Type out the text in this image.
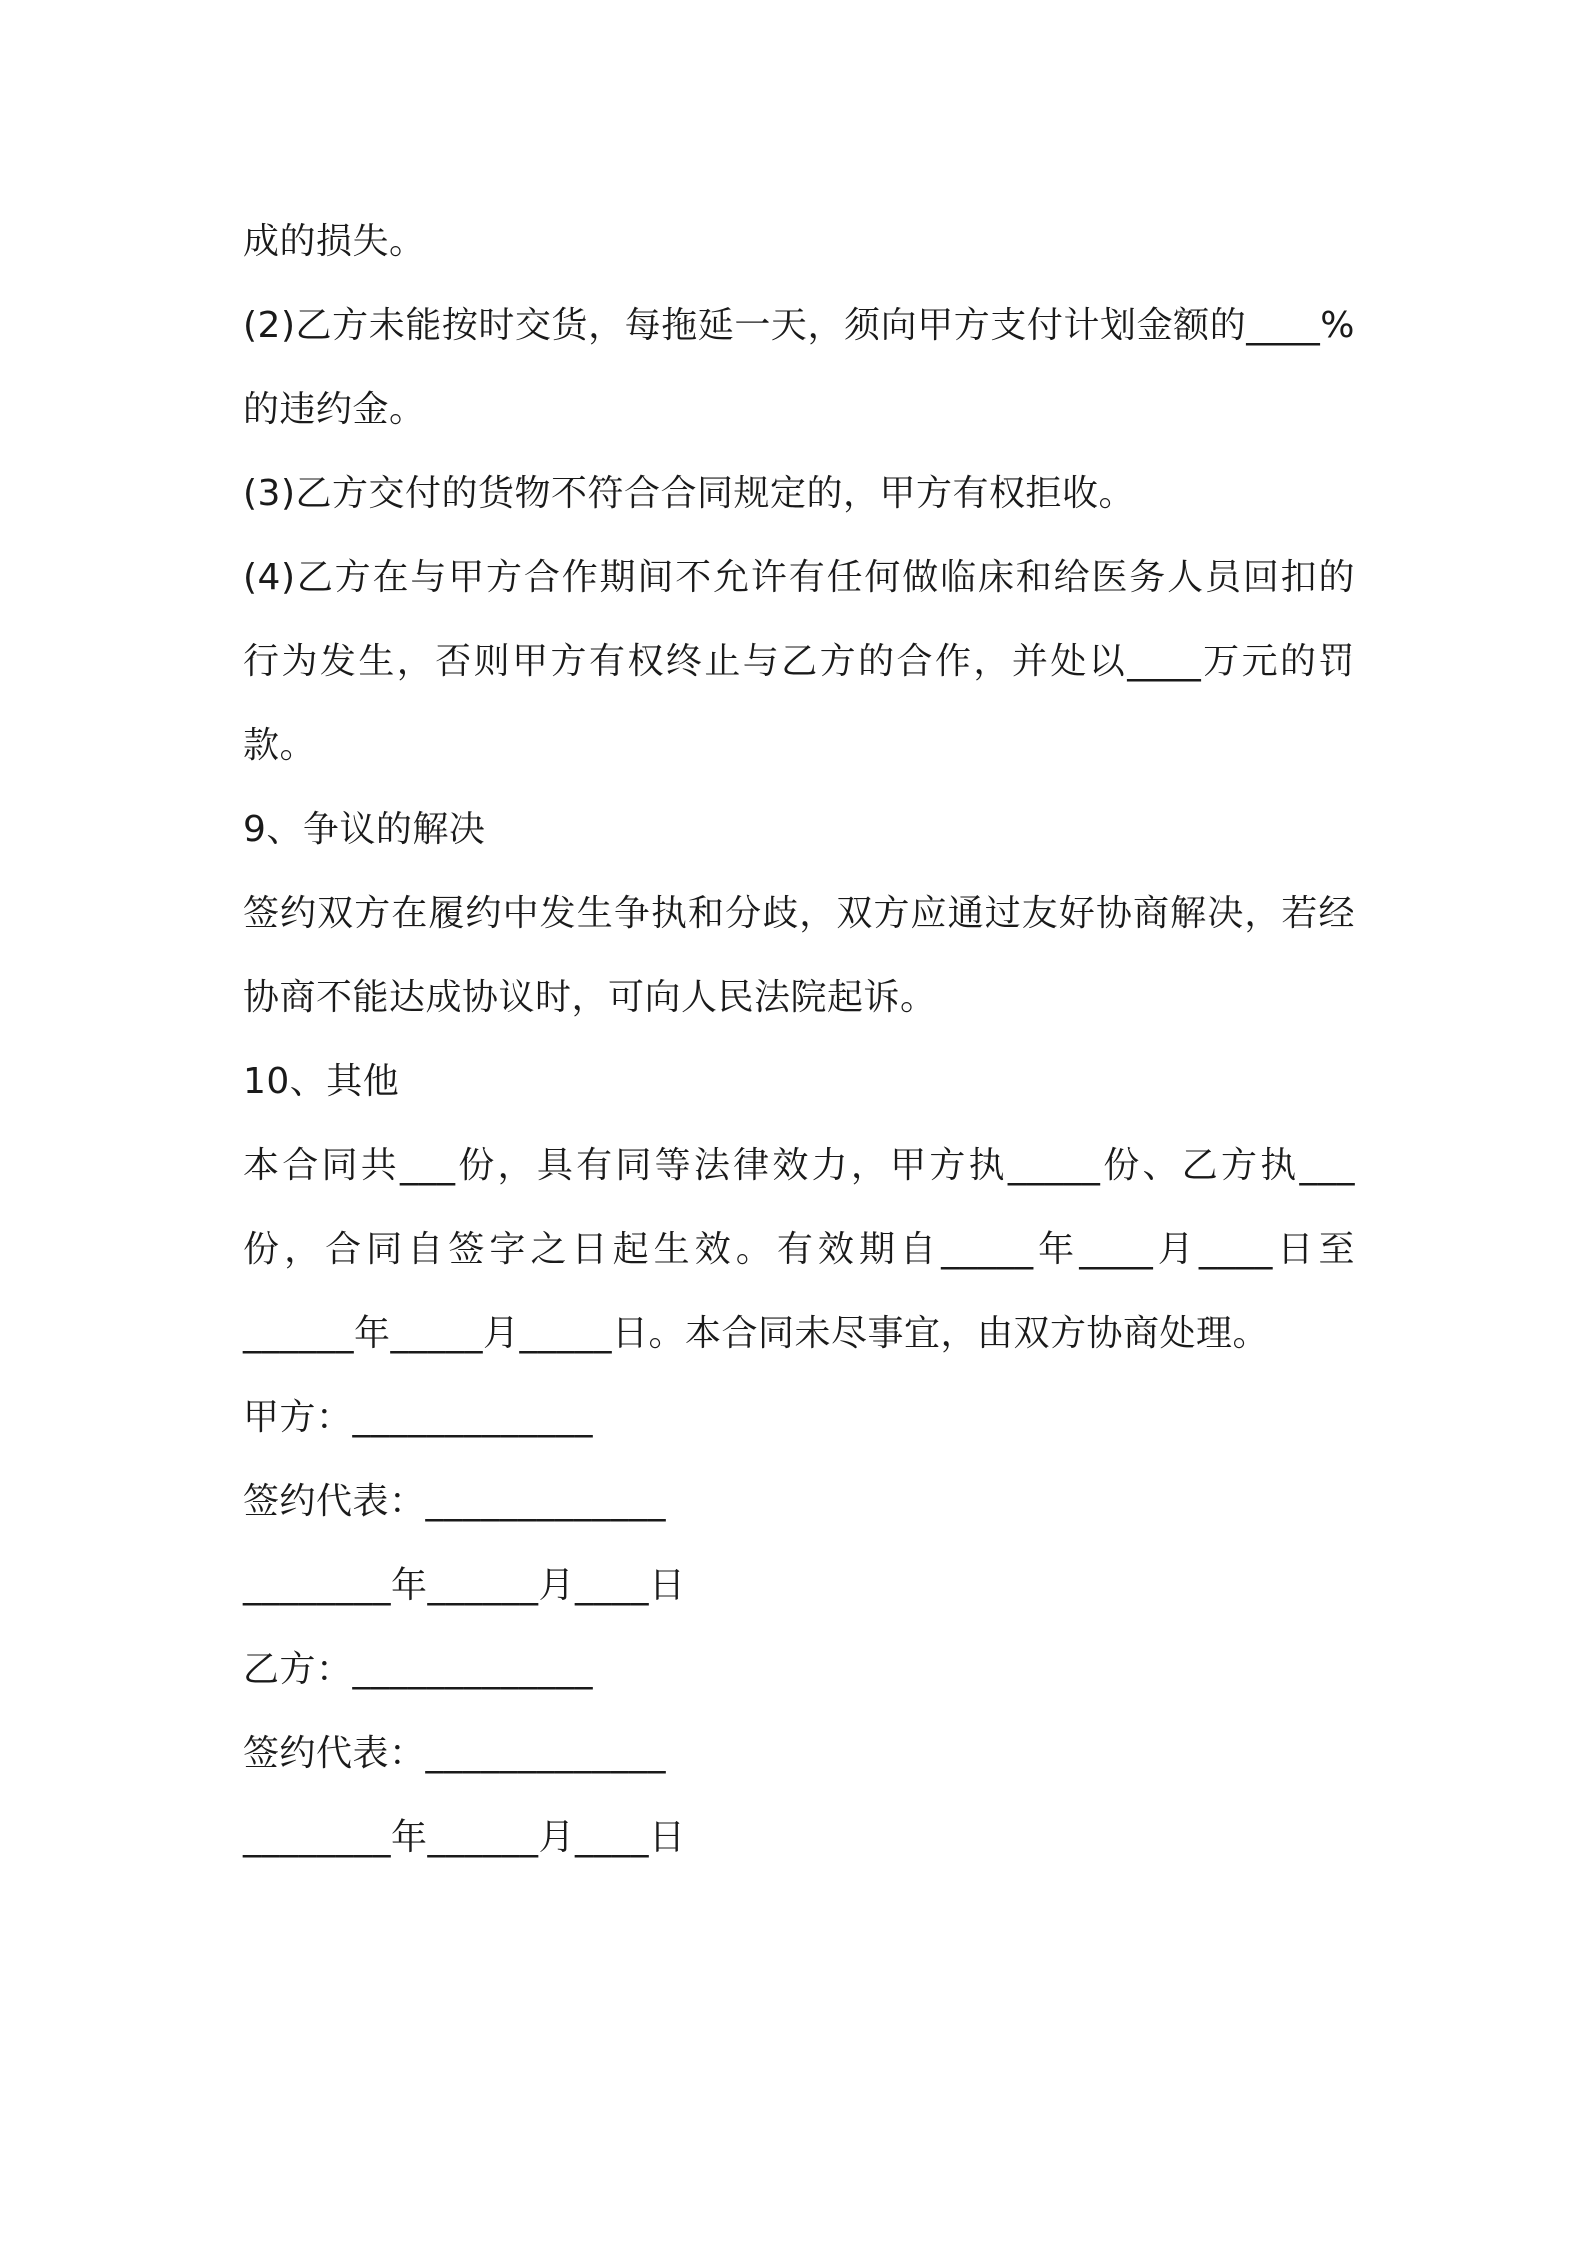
成的损失。
(2)乙方未能按时交货，每拖延一天，须向甲方支付计划金额的____%
的违约金。
(3)乙方交付的货物不符合合同规定的，甲方有权拒收。
(4)乙方在与甲方合作期间不允许有任何做临床和给医务人员回扣的
行为发生，否则甲方有权终止与乙方的合作，并处以____万元的罚
款。
9、争议的解决
签约双方在履约中发生争执和分歧，双方应通过友好协商解决，若经
协商不能达成协议时，可向人民法院起诉。
10、其他
本合同共___份，具有同等法律效力，甲方执_____份、乙方执___
份，合同自签字之日起生效。有效期自_____年____月____日至
______年_____月_____日。本合同未尽事宜，由双方协商处理。
甲方：_____________
签约代表：_____________
________年______月____日
乙方：_____________
签约代表：_____________
________年______月____日
